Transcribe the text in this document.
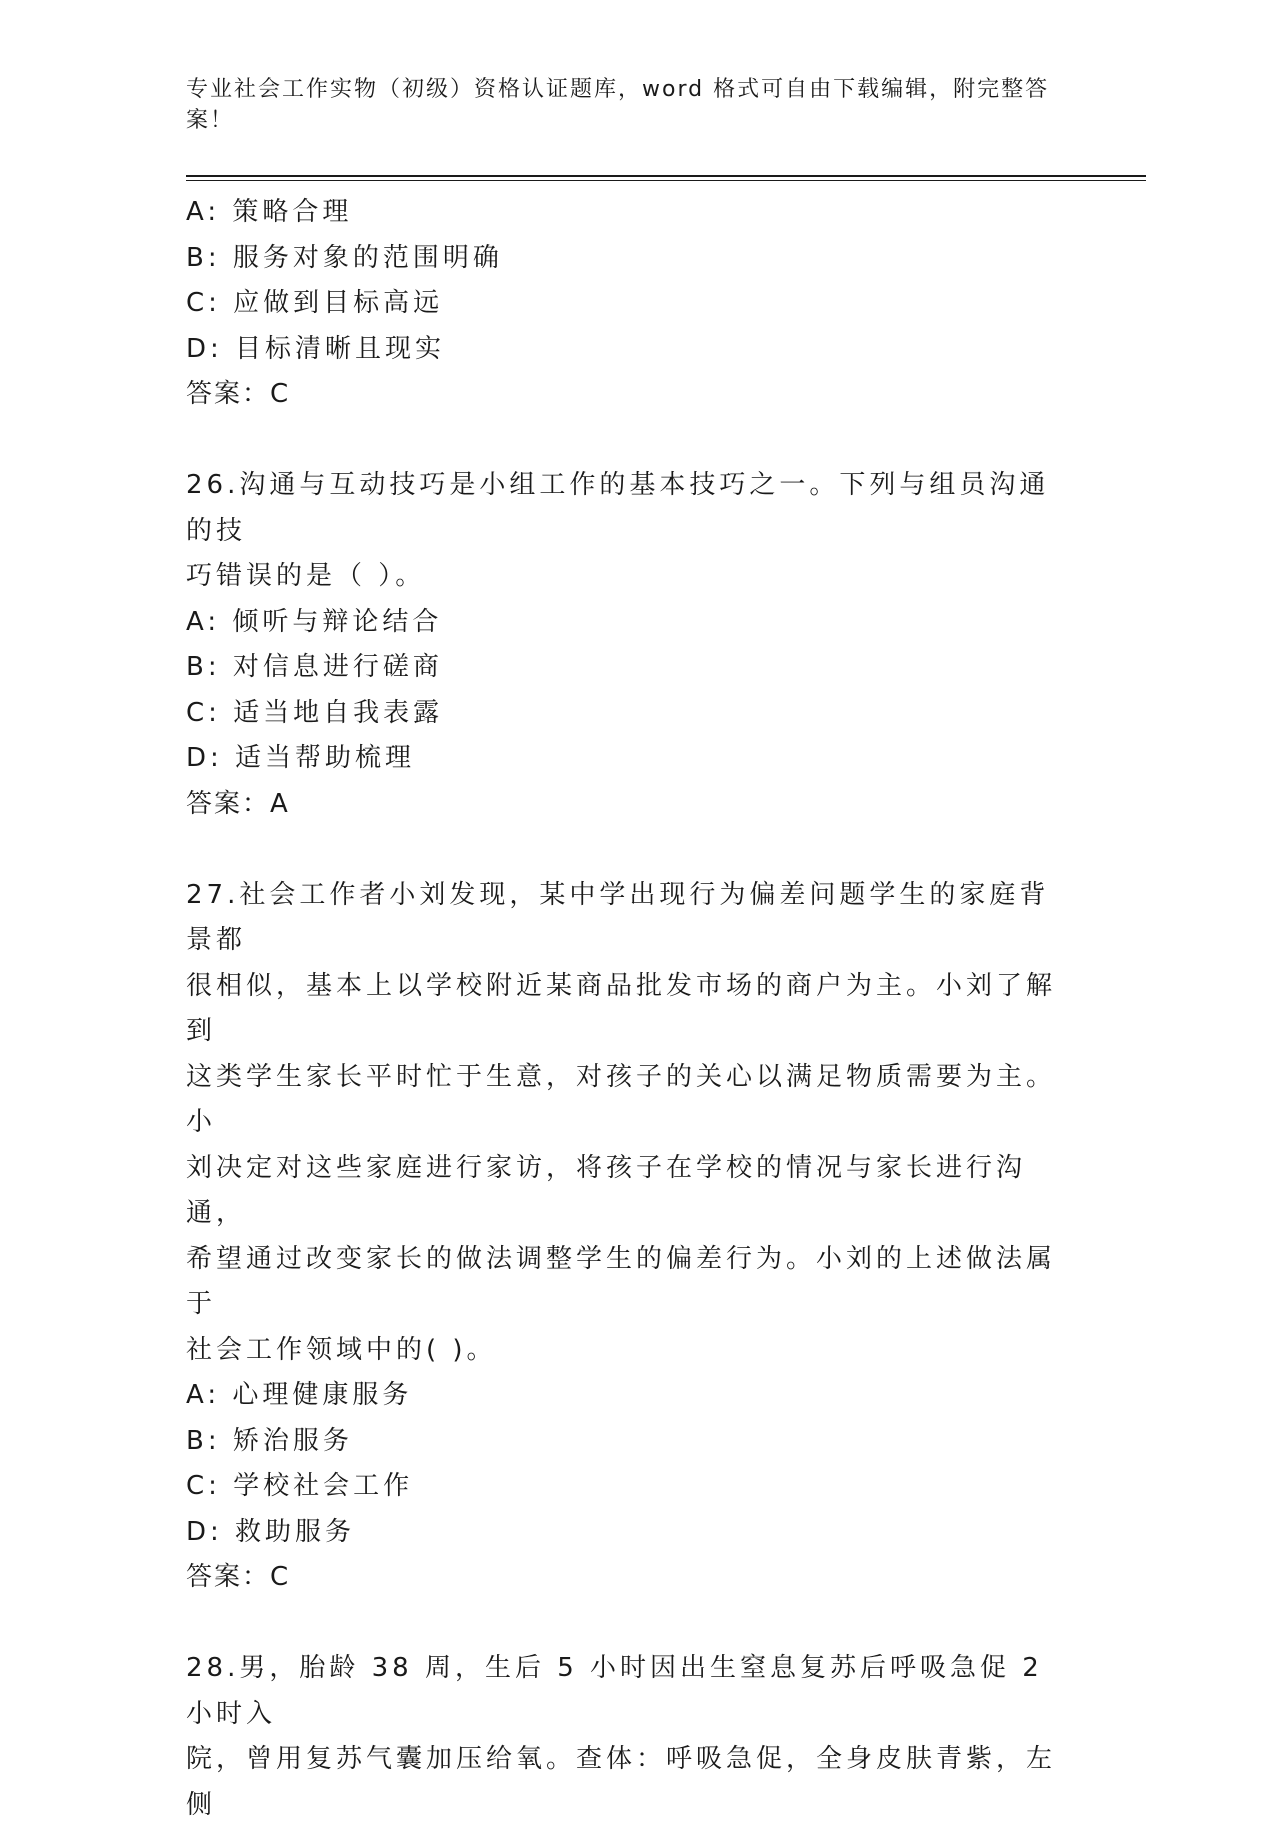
专业社会工作实物（初级）资格认证题库，word 格式可自由下载编辑，附完整答案！
A: 策略合理
B: 服务对象的范围明确
C: 应做到目标高远
D: 目标清晰且现实
答案：C
26.沟通与互动技巧是小组工作的基本技巧之一。下列与组员沟通的技
巧错误的是（ ）。
A: 倾听与辩论结合
B: 对信息进行磋商
C: 适当地自我表露
D: 适当帮助梳理
答案：A
27.社会工作者小刘发现，某中学出现行为偏差问题学生的家庭背景都
很相似，基本上以学校附近某商品批发市场的商户为主。小刘了解到
这类学生家长平时忙于生意，对孩子的关心以满足物质需要为主。小
刘决定对这些家庭进行家访，将孩子在学校的情况与家长进行沟通，
希望通过改变家长的做法调整学生的偏差行为。小刘的上述做法属于
社会工作领域中的( )。
A: 心理健康服务
B: 矫治服务
C: 学校社会工作
D: 救助服务
答案：C
28.男，胎龄 38 周，生后 5 小时因出生窒息复苏后呼吸急促 2 小时入
院，曾用复苏气囊加压给氧。查体：呼吸急促，全身皮肤青紫，左侧
